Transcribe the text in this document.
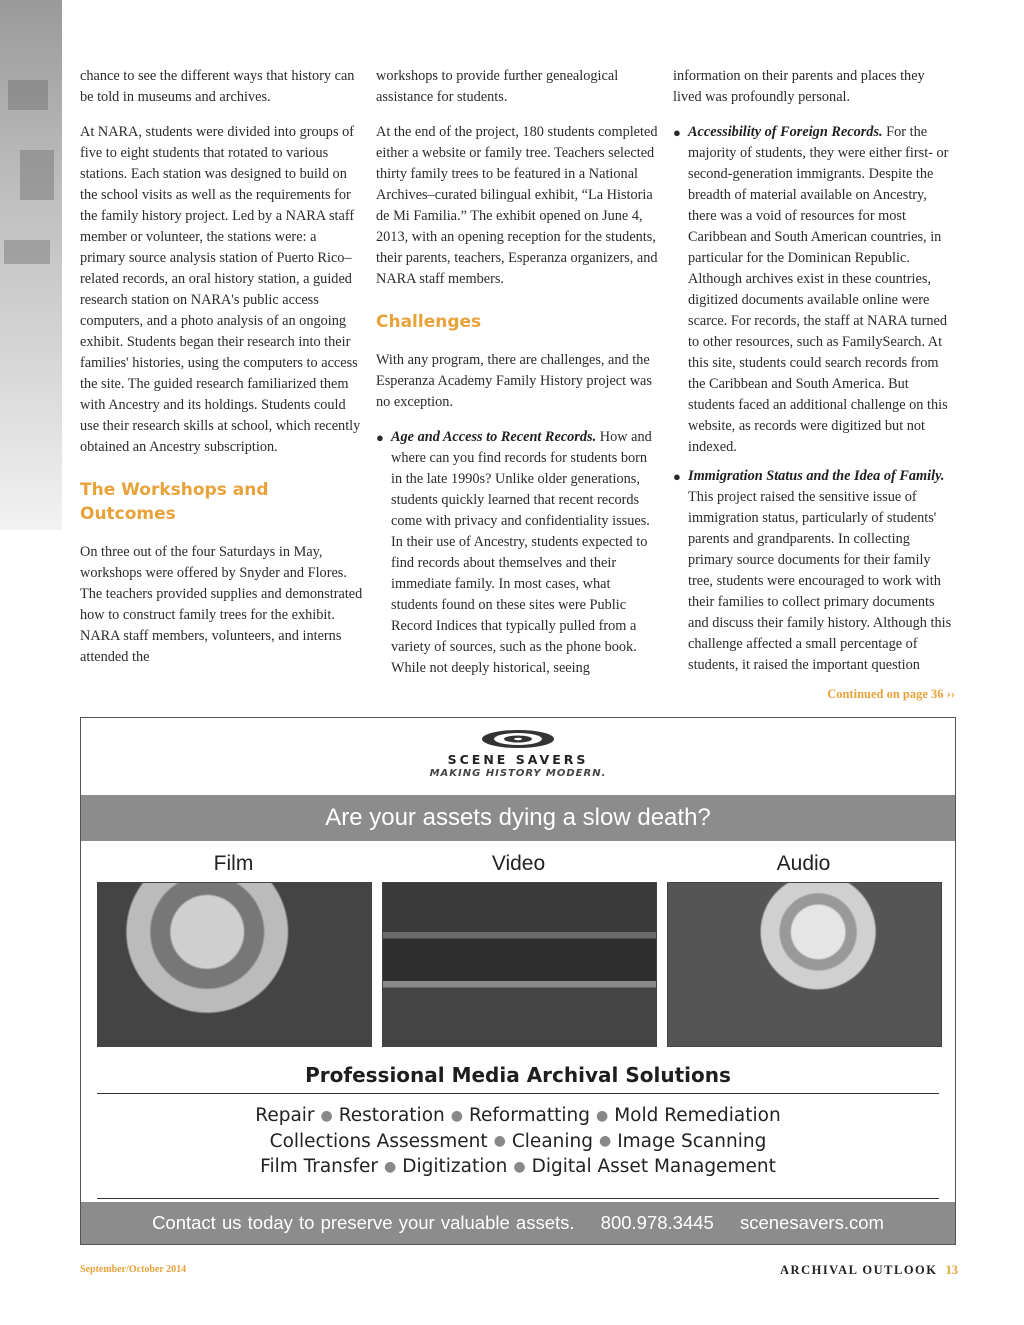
chance to see the different ways that history can be told in museums and archives.

At NARA, students were divided into groups of five to eight students that rotated to various stations. Each station was designed to build on the school visits as well as the requirements for the family history project. Led by a NARA staff member or volunteer, the stations were: a primary source analysis station of Puerto Rico–related records, an oral history station, a guided research station on NARA's public access computers, and a photo analysis of an ongoing exhibit. Students began their research into their families' histories, using the computers to access the site. The guided research familiarized them with Ancestry and its holdings. Students could use their research skills at school, which recently obtained an Ancestry subscription.

The Workshops and Outcomes

On three out of the four Saturdays in May, workshops were offered by Snyder and Flores. The teachers provided supplies and demonstrated how to construct family trees for the exhibit. NARA staff members, volunteers, and interns attended the

workshops to provide further genealogical assistance for students.

At the end of the project, 180 students completed either a website or family tree. Teachers selected thirty family trees to be featured in a National Archives–curated bilingual exhibit, “La Historia de Mi Familia.” The exhibit opened on June 4, 2013, with an opening reception for the students, their parents, teachers, Esperanza organizers, and NARA staff members.

Challenges

With any program, there are challenges, and the Esperanza Academy Family History project was no exception.

● Age and Access to Recent Records. How and where can you find records for students born in the late 1990s? Unlike older generations, students quickly learned that recent records come with privacy and confidentiality issues. In their use of Ancestry, students expected to find records about themselves and their immediate family. In most cases, what students found on these sites were Public Record Indices that typically pulled from a variety of sources, such as the phone book. While not deeply historical, seeing

information on their parents and places they lived was profoundly personal.

● Accessibility of Foreign Records. For the majority of students, they were either first- or second-generation immigrants. Despite the breadth of material available on Ancestry, there was a void of resources for most Caribbean and South American countries, in particular for the Dominican Republic. Although archives exist in these countries, digitized documents available online were scarce. For records, the staff at NARA turned to other resources, such as FamilySearch. At this site, students could search records from the Caribbean and South America. But students faced an additional challenge on this website, as records were digitized but not indexed.
● Immigration Status and the Idea of Family. This project raised the sensitive issue of immigration status, particularly of students' parents and grandparents. In collecting primary source documents for their family tree, students were encouraged to work with their families to collect primary documents and discuss their family history. Although this challenge affected a small percentage of students, it raised the important question
Continued on page 36 ››
SCENE SAVERS
MAKING HISTORY MODERN.
Are your assets dying a slow death?
Film	Video	Audio
Professional Media Archival Solutions
Repair ● Restoration ● Reformatting ● Mold Remediation
Collections Assessment ● Cleaning ● Image Scanning
Film Transfer ● Digitization ● Digital Asset Management
Contact us today to preserve your valuable assets. 800.978.3445 scenesavers.com
September/October 2014	ARCHIVAL OUTLOOK 13
